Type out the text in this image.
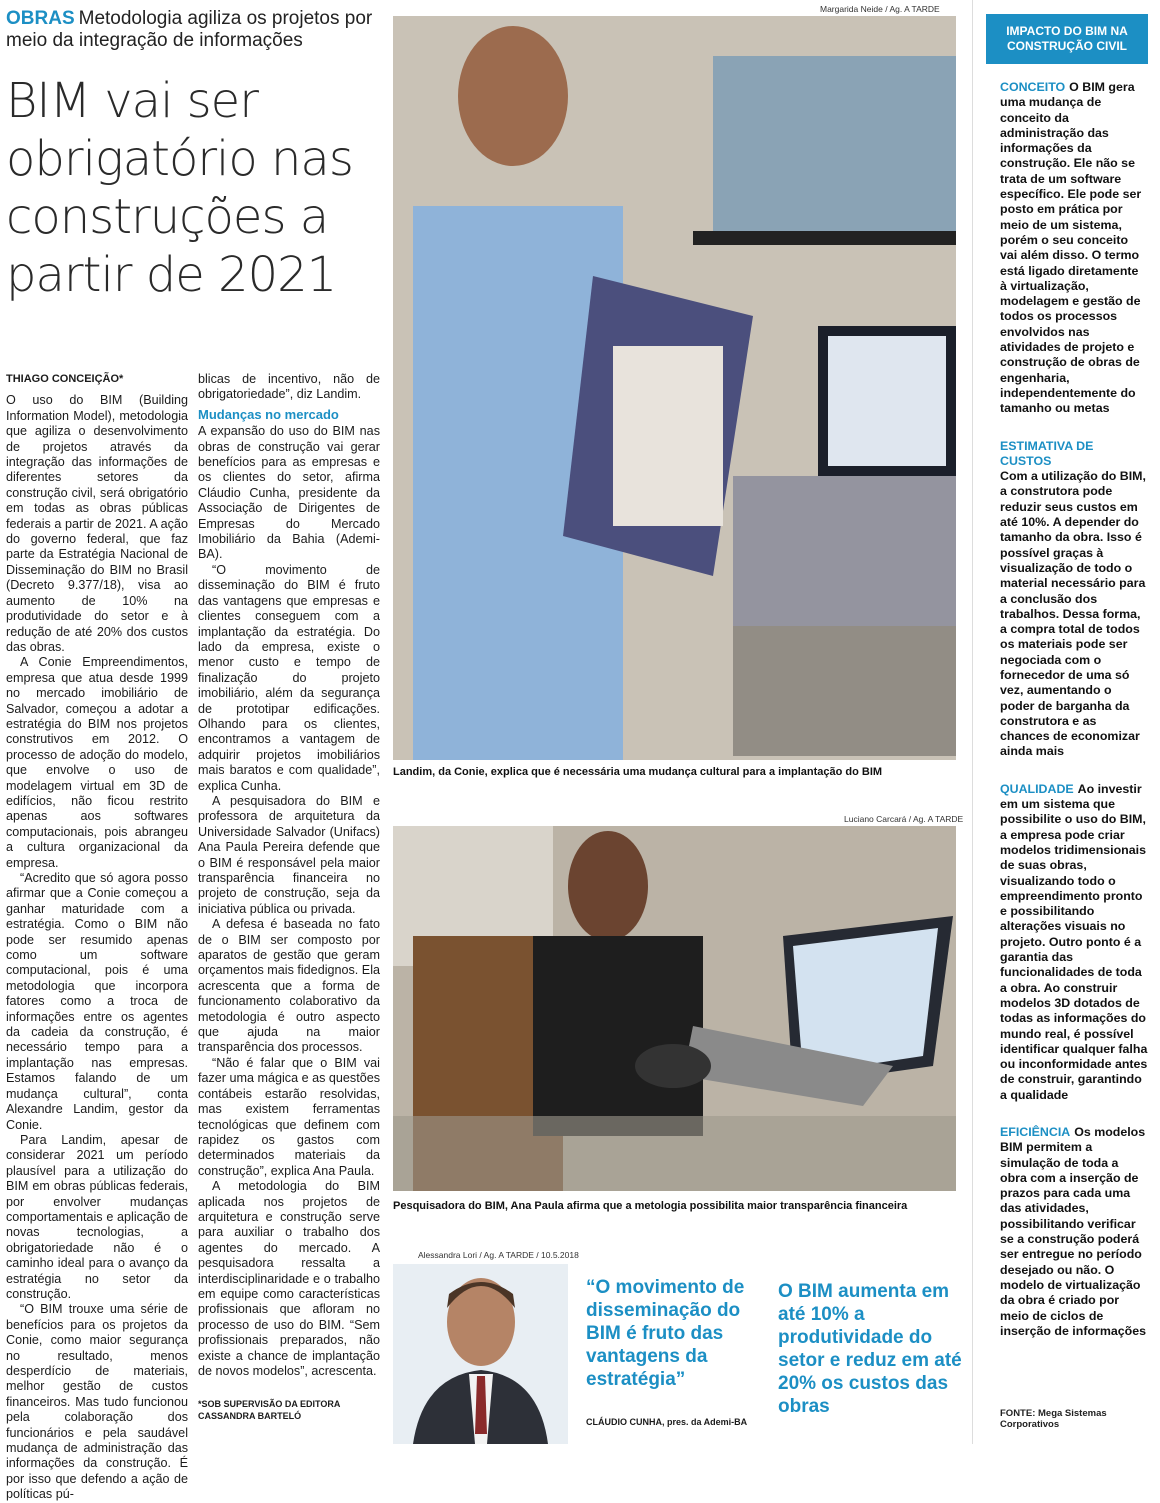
OBRAS Metodologia agiliza os projetos por meio da integração de informações
BIM vai ser obrigatório nas construções a partir de 2021
THIAGO CONCEIÇÃO*

O uso do BIM (Building Information Model), metodologia que agiliza o desenvolvimento de projetos através da integração das informações de diferentes setores da construção civil, será obrigatório em todas as obras públicas federais a partir de 2021. A ação do governo federal, que faz parte da Estratégia Nacional de Disseminação do BIM no Brasil (Decreto 9.377/18), visa ao aumento de 10% na produtividade do setor e à redução de até 20% dos custos das obras.

A Conie Empreendimentos, empresa que atua desde 1999 no mercado imobiliário de Salvador, começou a adotar a estratégia do BIM nos projetos construtivos em 2012. O processo de adoção do modelo, que envolve o uso de modelagem virtual em 3D de edifícios, não ficou restrito apenas aos softwares computacionais, pois abrangeu a cultura organizacional da empresa.

“Acredito que só agora posso afirmar que a Conie começou a ganhar maturidade com a estratégia. Como o BIM não pode ser resumido apenas como um software computacional, pois é uma metodologia que incorpora fatores como a troca de informações entre os agentes da cadeia da construção, é necessário tempo para a implantação nas empresas. Estamos falando de um mudança cultural”, conta Alexandre Landim, gestor da Conie.

Para Landim, apesar de considerar 2021 um período plausível para a utilização do BIM em obras públicas federais, por envolver mudanças comportamentais e aplicação de novas tecnologias, a obrigatoriedade não é o caminho ideal para o avanço da estratégia no setor da construção.

“O BIM trouxe uma série de benefícios para os projetos da Conie, como maior segurança no resultado, menos desperdício de materiais, melhor gestão de custos financeiros. Mas tudo funcionou pela colaboração dos funcionários e pela saudável mudança de administração das informações da construção. É por isso que defendo a ação de políticas pú-

blicas de incentivo, não de obrigatoriedade”, diz Landim.

Mudanças no mercado

A expansão do uso do BIM nas obras de construção vai gerar benefícios para as empresas e os clientes do setor, afirma Cláudio Cunha, presidente da Associação de Dirigentes de Empresas do Mercado Imobiliário da Bahia (Ademi-BA).

“O movimento de disseminação do BIM é fruto das vantagens que empresas e clientes conseguem com a implantação da estratégia. Do lado da empresa, existe o menor custo e tempo de finalização do projeto imobiliário, além da segurança de prototipar edificações. Olhando para os clientes, encontramos a vantagem de adquirir projetos imobiliários mais baratos e com qualidade”, explica Cunha.

A pesquisadora do BIM e professora de arquitetura da Universidade Salvador (Unifacs) Ana Paula Pereira defende que o BIM é responsável pela maior transparência financeira no projeto de construção, seja da iniciativa pública ou privada.

A defesa é baseada no fato de o BIM ser composto por aparatos de gestão que geram orçamentos mais fidedignos. Ela acrescenta que a forma de funcionamento colaborativo da metodologia é outro aspecto que ajuda na maior transparência dos processos.

“Não é falar que o BIM vai fazer uma mágica e as questões contábeis estarão resolvidas, mas existem ferramentas tecnológicas que definem com rapidez os gastos com determinados materiais da construção”, explica Ana Paula.

A metodologia do BIM aplicada nos projetos de arquitetura e construção serve para auxiliar o trabalho dos agentes do mercado. A pesquisadora ressalta a interdisciplinaridade e o trabalho em equipe como características profissionais que afloram no processo de uso do BIM. “Sem profissionais preparados, não existe a chance de implantação de novos modelos”, acrescenta.

*SOB SUPERVISÃO DA EDITORA CASSANDRA BARTELÓ
Margarida Neide / Ag. A TARDE
Landim, da Conie, explica que é necessária uma mudança cultural para a implantação do BIM
Luciano Carcará / Ag. A TARDE
Pesquisadora do BIM, Ana Paula afirma que a metologia possibilita maior transparência financeira
Alessandra Lori / Ag. A TARDE / 10.5.2018
“O movimento de disseminação do BIM é fruto das vantagens da estratégia”
CLÁUDIO CUNHA, pres. da Ademi-BA
O BIM aumenta em até 10% a produtividade do setor e reduz em até 20% os custos das obras
IMPACTO DO BIM NA CONSTRUÇÃO CIVIL

CONCEITO O BIM gera uma mudança de conceito da administração das informações da construção. Ele não se trata de um software específico. Ele pode ser posto em prática por meio de um sistema, porém o seu conceito vai além disso. O termo está ligado diretamente à virtualização, modelagem e gestão de todos os processos envolvidos nas atividades de projeto e construção de obras de engenharia, independentemente do tamanho ou metas

ESTIMATIVA DE CUSTOS
Com a utilização do BIM, a construtora pode reduzir seus custos em até 10%. A depender do tamanho da obra. Isso é possível graças à visualização de todo o material necessário para a conclusão dos trabalhos. Dessa forma, a compra total de todos os materiais pode ser negociada com o fornecedor de uma só vez, aumentando o poder de barganha da construtora e as chances de economizar ainda mais

QUALIDADE Ao investir em um sistema que possibilite o uso do BIM, a empresa pode criar modelos tridimensionais de suas obras, visualizando todo o empreendimento pronto e possibilitando alterações visuais no projeto. Outro ponto é a garantia das funcionalidades de toda a obra. Ao construir modelos 3D dotados de todas as informações do mundo real, é possível identificar qualquer falha ou inconformidade antes de construir, garantindo a qualidade

EFICIÊNCIA Os modelos BIM permitem a simulação de toda a obra com a inserção de prazos para cada uma das atividades, possibilitando verificar se a construção poderá ser entregue no período desejado ou não. O modelo de virtualização da obra é criado por meio de ciclos de inserção de informações

FONTE: Mega Sistemas Corporativos
